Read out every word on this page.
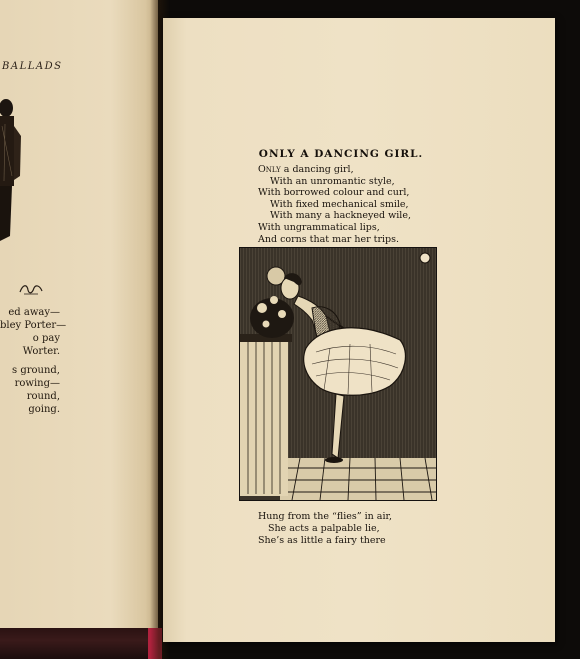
BALLADS
ed away—
bley Porter—
o pay
Worter.
s ground,
rowing—
round,
going.
ONLY A DANCING GIRL.
Only a dancing girl,
With an unromantic style,
With borrowed colour and curl,
With fixed mechanical smile,
With many a hackneyed wile,
With ungrammatical lips,
And corns that mar her trips.
Hung from the “flies” in air,
She acts a palpable lie,
She’s as little a fairy there
